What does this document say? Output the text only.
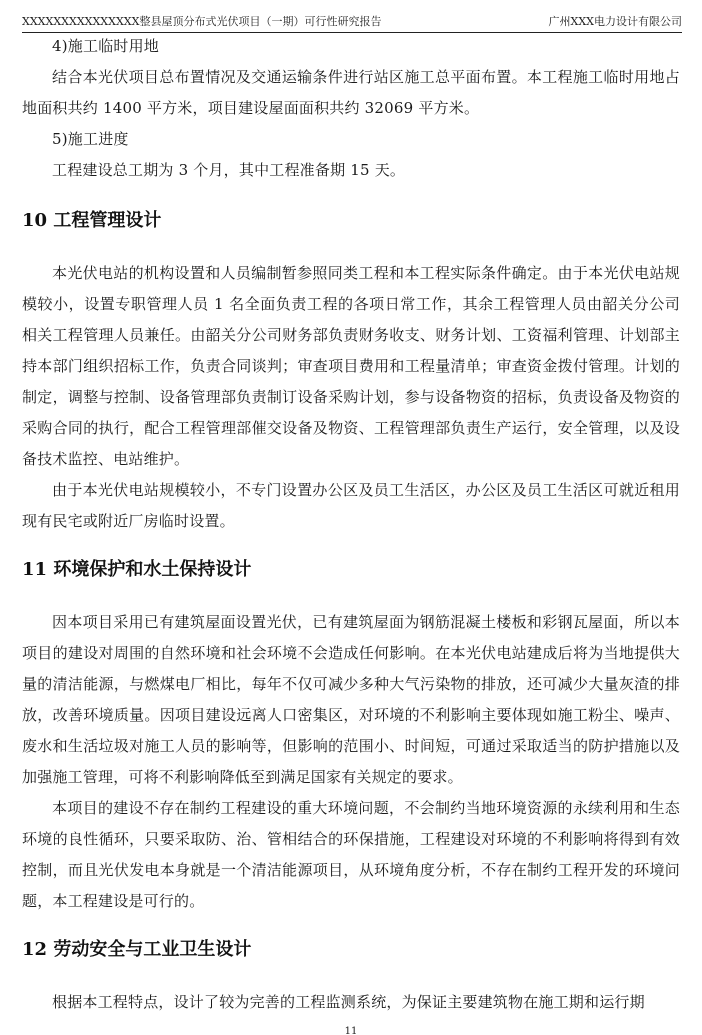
XXXXXXXXXXXXXXX整县屋顶分布式光伏项目（一期）可行性研究报告	广州XXX电力设计有限公司

4)施工临时用地

结合本光伏项目总布置情况及交通运输条件进行站区施工总平面布置。本工程施工临时用地占地面积共约 1400 平方米，项目建设屋面面积共约 32069 平方米。

5)施工进度

工程建设总工期为 3 个月，其中工程准备期 15 天。

10 工程管理设计

本光伏电站的机构设置和人员编制暂参照同类工程和本工程实际条件确定。由于本光伏电站规模较小，设置专职管理人员 1 名全面负责工程的各项日常工作，其余工程管理人员由韶关分公司相关工程管理人员兼任。由韶关分公司财务部负责财务收支、财务计划、工资福利管理、计划部主持本部门组织招标工作，负责合同谈判；审查项目费用和工程量清单；审查资金拨付管理。计划的制定，调整与控制、设备管理部负责制订设备采购计划，参与设备物资的招标，负责设备及物资的采购合同的执行，配合工程管理部催交设备及物资、工程管理部负责生产运行，安全管理，以及设备技术监控、电站维护。

由于本光伏电站规模较小，不专门设置办公区及员工生活区，办公区及员工生活区可就近租用现有民宅或附近厂房临时设置。

11 环境保护和水土保持设计

因本项目采用已有建筑屋面设置光伏，已有建筑屋面为钢筋混凝土楼板和彩钢瓦屋面，所以本项目的建设对周围的自然环境和社会环境不会造成任何影响。在本光伏电站建成后将为当地提供大量的清洁能源，与燃煤电厂相比，每年不仅可减少多种大气污染物的排放，还可减少大量灰渣的排放，改善环境质量。因项目建设远离人口密集区，对环境的不利影响主要体现如施工粉尘、噪声、废水和生活垃圾对施工人员的影响等，但影响的范围小、时间短，可通过采取适当的防护措施以及加强施工管理，可将不利影响降低至到满足国家有关规定的要求。

本项目的建设不存在制约工程建设的重大环境问题，不会制约当地环境资源的永续利用和生态环境的良性循环，只要采取防、治、管相结合的环保措施，工程建设对环境的不利影响将得到有效控制，而且光伏发电本身就是一个清洁能源项目，从环境角度分析，不存在制约工程开发的环境问题，本工程建设是可行的。

12 劳动安全与工业卫生设计

根据本工程特点，设计了较为完善的工程监测系统，为保证主要建筑物在施工期和运行期

11
